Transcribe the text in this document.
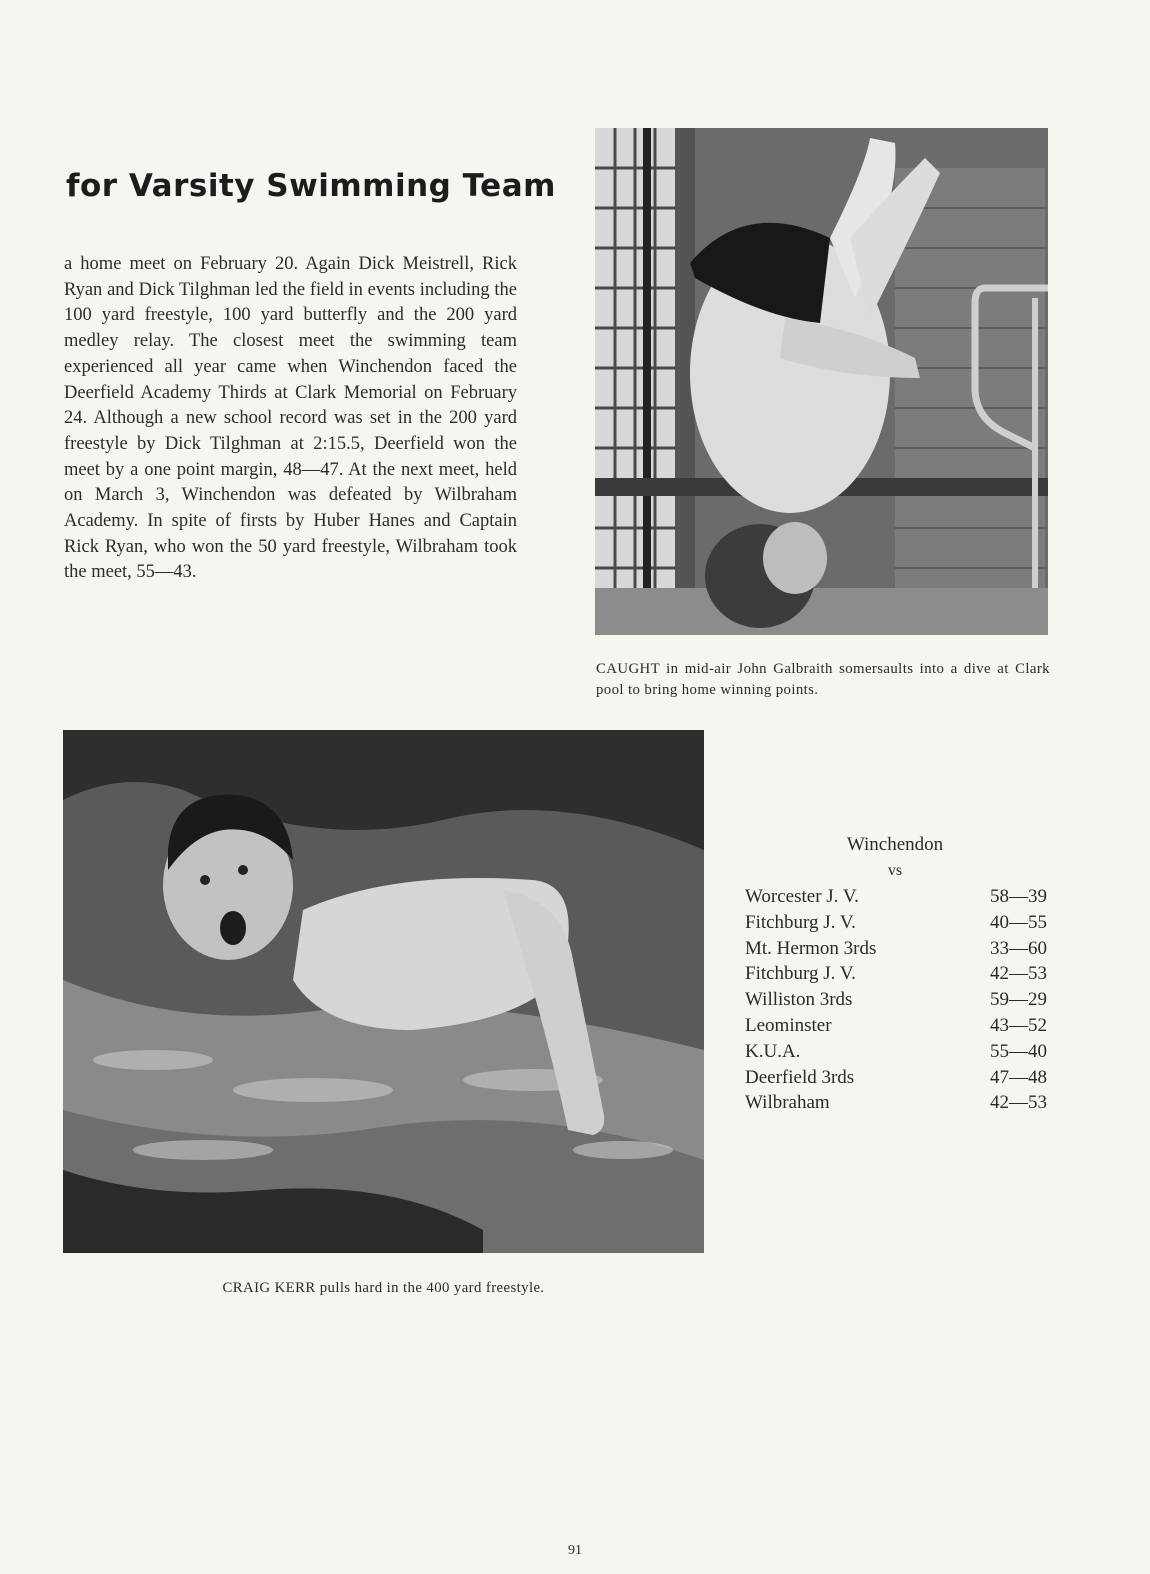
for Varsity Swimming Team

a home meet on February 20. Again Dick Meistrell, Rick Ryan and Dick Tilghman led the field in events including the 100 yard freestyle, 100 yard butterfly and the 200 yard medley relay. The closest meet the swimming team experienced all year came when Winchendon faced the Deerfield Academy Thirds at Clark Memorial on February 24. Although a new school record was set in the 200 yard freestyle by Dick Tilghman at 2:15.5, Deerfield won the meet by a one point margin, 48—47. At the next meet, held on March 3, Winchendon was defeated by Wilbraham Academy. In spite of firsts by Huber Hanes and Captain Rick Ryan, who won the 50 yard freestyle, Wilbraham took the meet, 55—43.

CAUGHT in mid-air John Galbraith somersaults into a dive at Clark pool to bring home winning points.

CRAIG KERR pulls hard in the 400 yard freestyle.

Winchendon

vs

Worcester J. V.	58—39
Fitchburg J. V.	40—55
Mt. Hermon 3rds	33—60
Fitchburg J. V.	42—53
Williston 3rds	59—29
Leominster	43—52
K.U.A.	55—40
Deerfield 3rds	47—48
Wilbraham	42—53

91
